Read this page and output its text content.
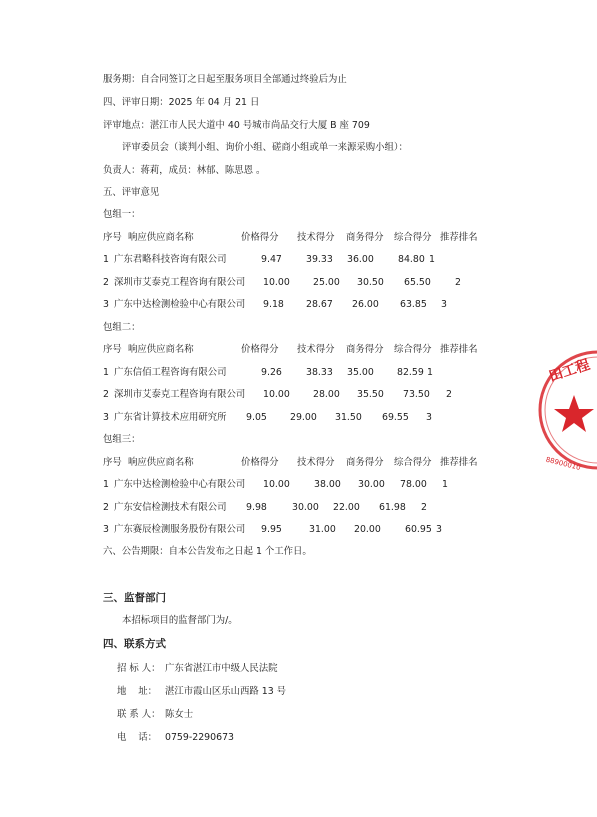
服务期：自合同签订之日起至服务项目全部通过终验后为止
四、评审日期：2025 年 04 月 21 日
评审地点：湛江市人民大道中 40 号城市尚品交行大厦 B 座 709
评审委员会（谈判小组、询价小组、磋商小组或单一来源采购小组）：
负责人：蒋莉，成员：林郁、陈思恩 。
五、评审意见
包组一：
序号 响应供应商名称	价格得分 技术得分 商务得分 综合得分 推荐排名
1 广东君略科技咨询有限公司	9.47	39.33 36.00	84.80 1
2 深圳市艾泰克工程咨询有限公司 10.00 25.00 30.50 65.50	2
3 广东中达检测检验中心有限公司 9.18 28.67 26.00 63.85 3
包组二：
序号 响应供应商名称	价格得分 技术得分 商务得分 综合得分 推荐排名
1 广东信佰工程咨询有限公司	9.26	38.33 35.00 82.59 1
2 深圳市艾泰克工程咨询有限公司 10.00 28.00 35.50 73.50 2
3 广东省计算技术应用研究所 9.05 29.00 31.50 69.55 3
包组三：
序号 响应供应商名称	价格得分 技术得分 商务得分 综合得分 推荐排名
1 广东中达检测检验中心有限公司 10.00	38.00 30.00 78.00 1
2 广东安信检测技术有限公司 9.98	30.00 22.00 61.98 2
3 广东赛辰检测服务股份有限公司 9.95	31.00 20.00	60.95 3
六、公告期限：自本公告发布之日起 1 个工作日。
三、监督部门
本招标项目的监督部门为/。
四、联系方式
招 标 人： 广东省湛江市中级人民法院
地    址： 湛江市霞山区乐山西路 13 号
联 系 人： 陈女士
电    话： 0759-2290673
田工程
88900010
